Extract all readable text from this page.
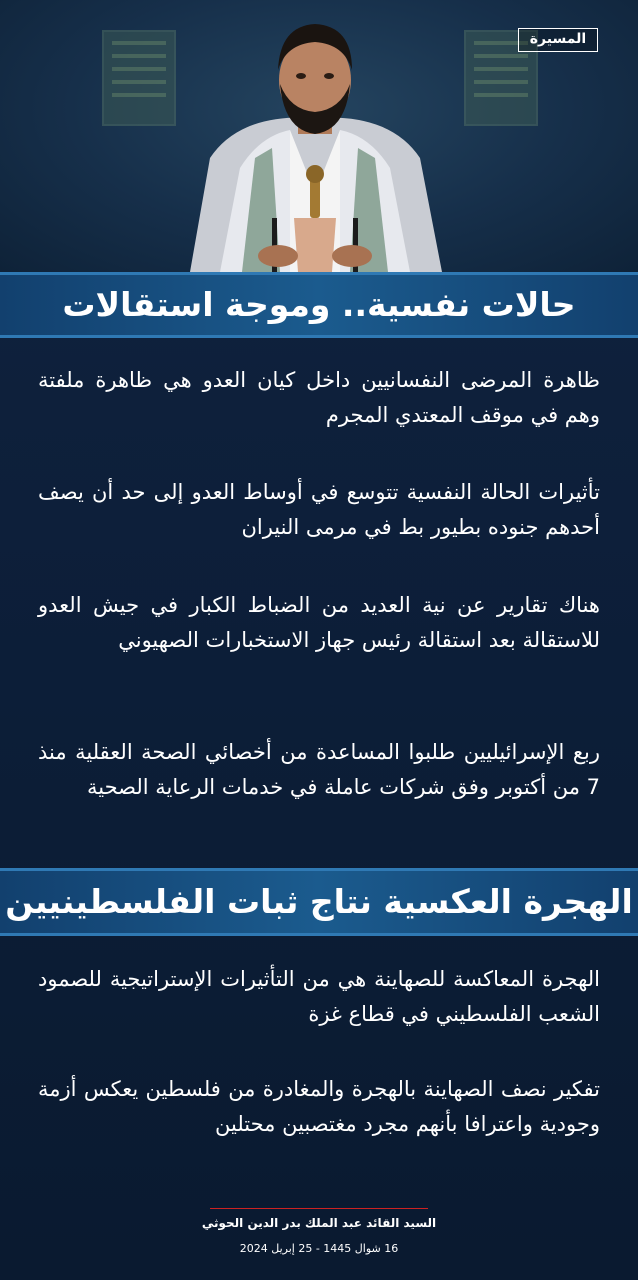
المسيرة
حالات نفسية.. وموجة استقالات
ظاهرة المرضى النفسانيين داخل كيان العدو هي ظاهرة ملفتة وهم في موقف المعتدي المجرم
تأثيرات الحالة النفسية تتوسع في أوساط العدو إلى حد أن يصف أحدهم جنوده بطيور بط في مرمى النيران
هناك تقارير عن نية العديد من الضباط الكبار في جيش العدو للاستقالة بعد استقالة رئيس جهاز الاستخبارات الصهيوني
ربع الإسرائيليين طلبوا المساعدة من أخصائي الصحة العقلية منذ 7 من أكتوبر وفق شركات عاملة في خدمات الرعاية الصحية
الهجرة العكسية نتاج ثبات الفلسطينيين
الهجرة المعاكسة للصهاينة هي من التأثيرات الإستراتيجية للصمود الشعب الفلسطيني في قطاع غزة
تفكير نصف الصهاينة بالهجرة والمغادرة من فلسطين يعكس أزمة وجودية واعترافا بأنهم مجرد مغتصبين محتلين
السيد القائد عبد الملك بدر الدين الحوثي
16 شوال 1445 - 25 إبريل 2024
